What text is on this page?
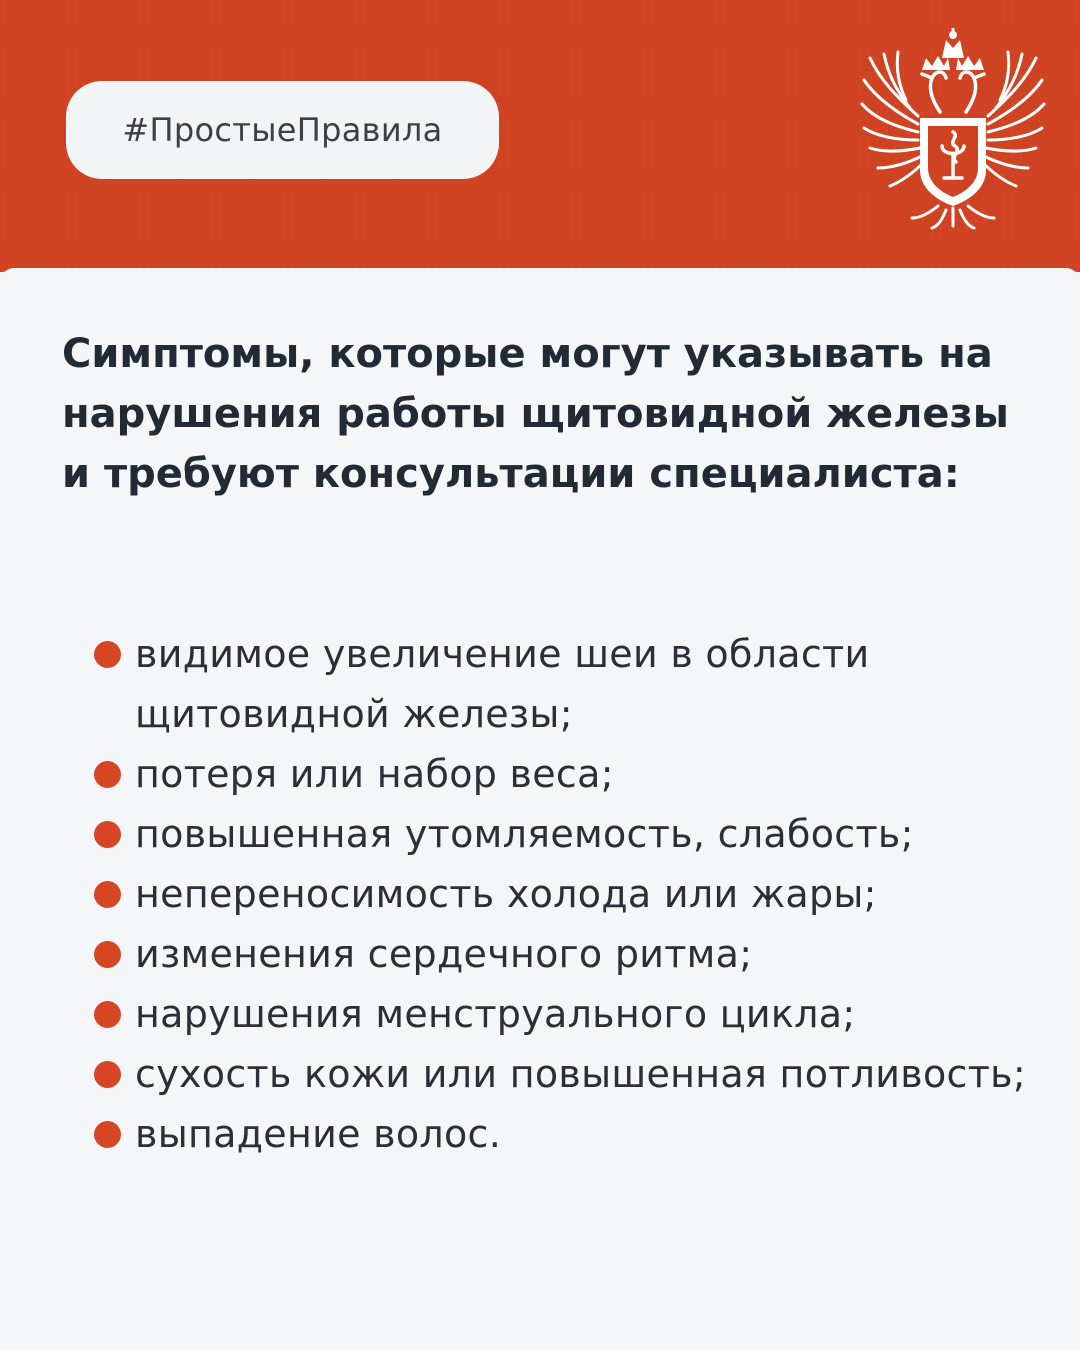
#ПростыеПравила
Симптомы, которые могут указывать на нарушения работы щитовидной железы и требуют консультации специалиста:
видимое увеличение шеи в области щитовидной железы;
потеря или набор веса;
повышенная утомляемость, слабость;
непереносимость холода или жары;
изменения сердечного ритма;
нарушения менструального цикла;
сухость кожи или повышенная потливость;
выпадение волос.
